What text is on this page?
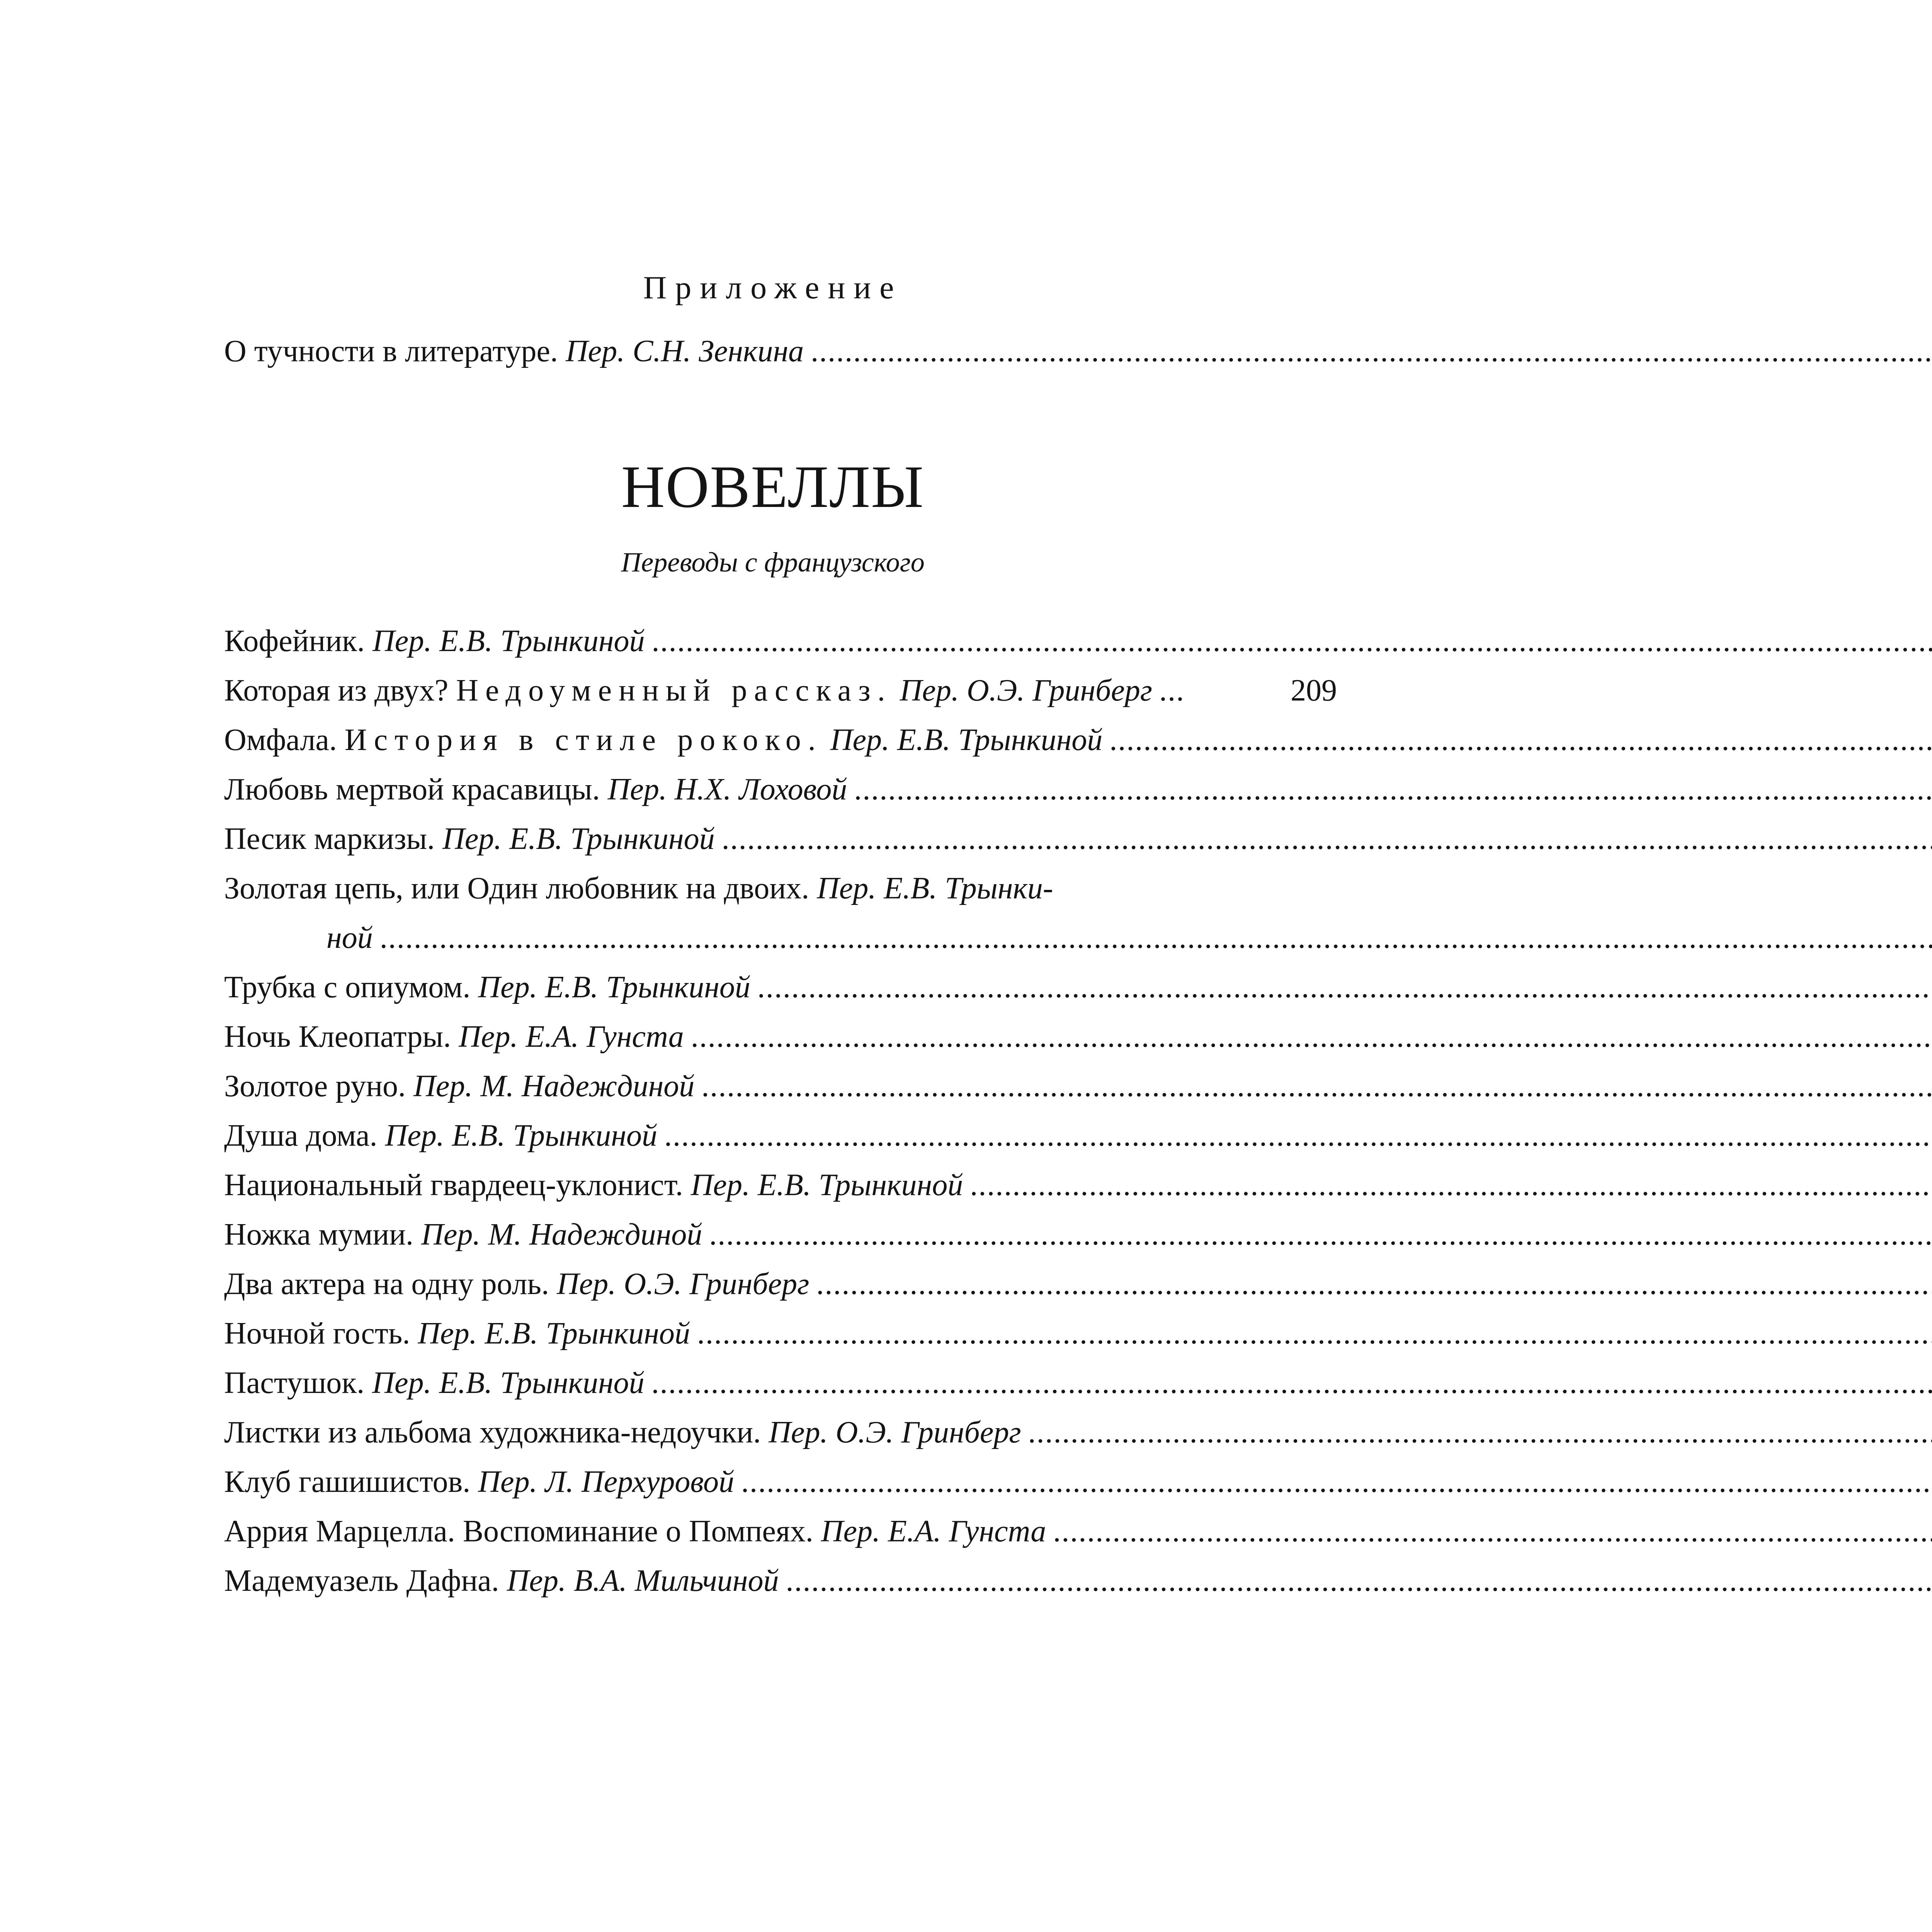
Приложение
О тучности в литературе. Пер. С.Н. Зенкина
.....
НОВЕЛЛЫ
Переводы с французского
Кофейник. Пер. Е.В. Трынкиной
.....
Которая из двух? Недоуменный рассказ. Пер. О.Э. Гринберг
...	209
Омфала. История в стиле рококо. Пер. Е.В. Трынкиной
.....
Любовь мертвой красавицы. Пер. Н.Х. Лоховой
.....
Песик маркизы. Пер. Е.В. Трынкиной
.....
Золотая цепь, или Один любовник на двоих. Пер. Е.В. Трынки-
ной
.....
Трубка с опиумом. Пер. Е.В. Трынкиной
.....
Ночь Клеопатры. Пер. Е.А. Гунста
.....
Золотое руно. Пер. М. Надеждиной
.....
Душа дома. Пер. Е.В. Трынкиной
.....
Национальный гвардеец-уклонист. Пер. Е.В. Трынкиной
.....
Ножка мумии. Пер. М. Надеждиной
.....
Два актера на одну роль. Пер. О.Э. Гринберг
.....
Ночной гость. Пер. Е.В. Трынкиной
.....
Пастушок. Пер. Е.В. Трынкиной
.....
Листки из альбома художника-недоучки. Пер. О.Э. Гринберг
.....
Клуб гашишистов. Пер. Л. Перхуровой
.....
Аррия Марцелла. Воспоминание о Помпеях. Пер. Е.А. Гунста
.....
Мадемуазель Дафна. Пер. В.А. Мильчиной
.....
